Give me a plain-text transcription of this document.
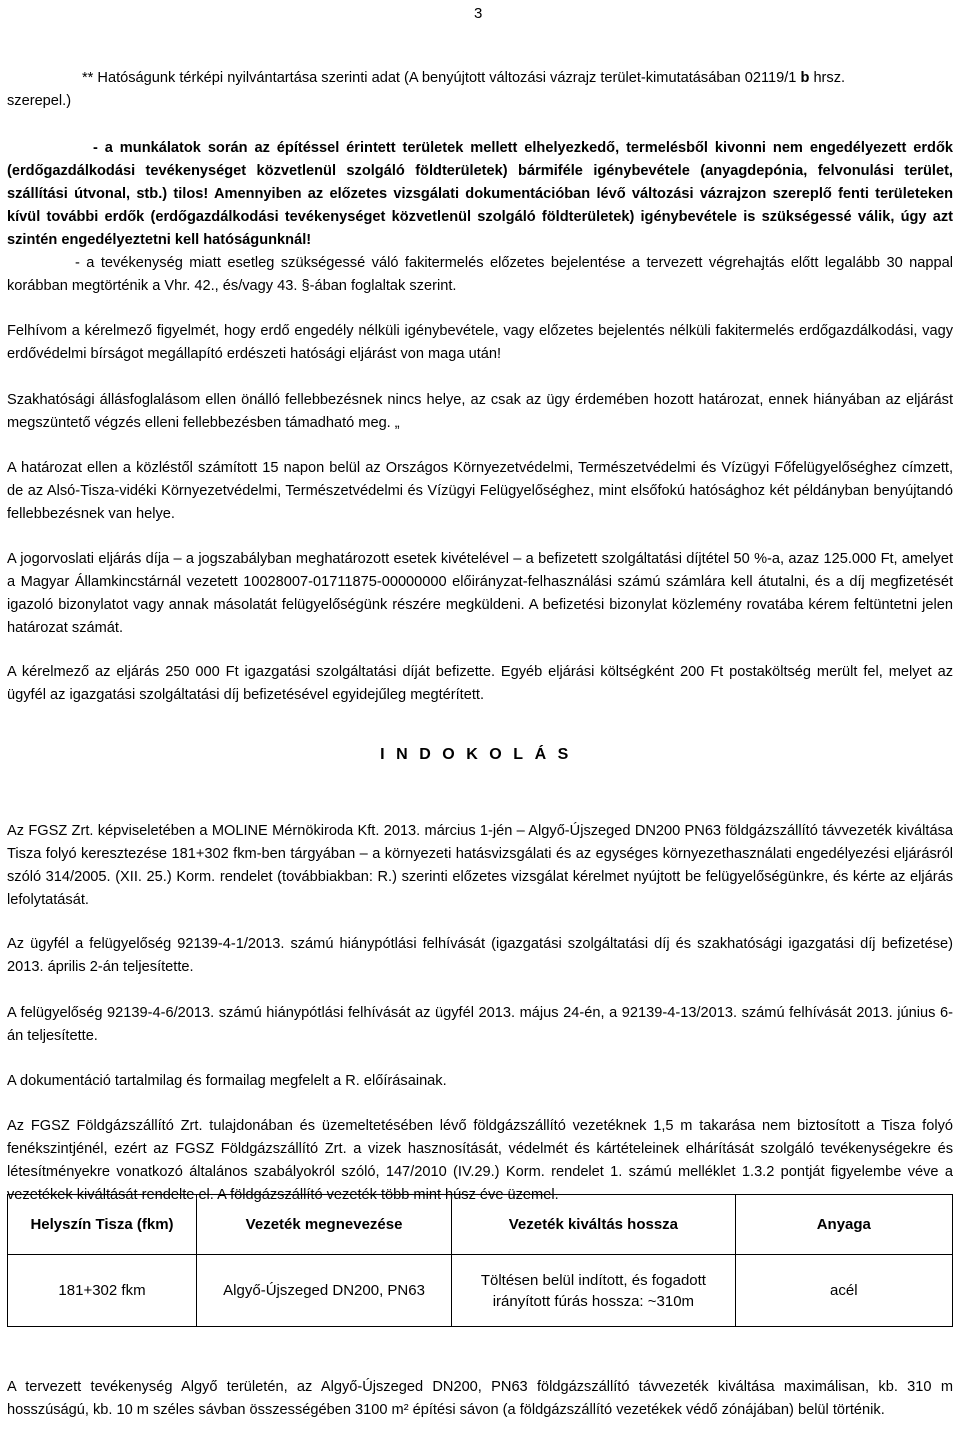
3

** Hatóságunk térképi nyilvántartása szerinti adat (A benyújtott változási vázrajz terület-kimutatásában 02119/1 b hrsz.

szerepel.)

- a munkálatok során az építéssel érintett területek mellett elhelyezkedő, termelésből kivonni nem engedélyezett erdők (erdőgazdálkodási tevékenységet közvetlenül szolgáló földterületek) bármiféle igénybevétele (anyagdepónia, felvonulási terület, szállítási útvonal, stb.) tilos! Amennyiben az előzetes vizsgálati dokumentációban lévő változási vázrajzon szereplő fenti területeken kívül további erdők (erdőgazdálkodási tevékenységet közvetlenül szolgáló földterületek) igénybevétele is szükségessé válik, úgy azt szintén engedélyeztetni kell hatóságunknál!

- a tevékenység miatt esetleg szükségessé váló fakitermelés előzetes bejelentése a tervezett végrehajtás előtt legalább 30 nappal korábban megtörténik a Vhr. 42., és/vagy 43. §-ában foglaltak szerint.

Felhívom a kérelmező figyelmét, hogy erdő engedély nélküli igénybevétele, vagy előzetes bejelentés nélküli fakitermelés erdőgazdálkodási, vagy erdővédelmi bírságot megállapító erdészeti hatósági eljárást von maga után!

Szakhatósági állásfoglalásom ellen önálló fellebbezésnek nincs helye, az csak az ügy érdemében hozott határozat, ennek hiányában az eljárást megszüntető végzés elleni fellebbezésben támadható meg. „

A határozat ellen a közléstől számított 15 napon belül az Országos Környezetvédelmi, Természetvédelmi és Vízügyi Főfelügyelőséghez címzett, de az Alsó-Tisza-vidéki Környezetvédelmi, Természetvédelmi és Vízügyi Felügyelőséghez, mint elsőfokú hatósághoz két példányban benyújtandó fellebbezésnek van helye.

A jogorvoslati eljárás díja – a jogszabályban meghatározott esetek kivételével – a befizetett szolgáltatási díjtétel 50 %-a, azaz 125.000 Ft, amelyet a Magyar Államkincstárnál vezetett 10028007-01711875-00000000 előirányzat-felhasználási számú számlára kell átutalni, és a díj megfizetését igazoló bizonylatot vagy annak másolatát felügyelőségünk részére megküldeni. A befizetési bizonylat közlemény rovatába kérem feltüntetni jelen határozat számát.

A kérelmező az eljárás 250 000 Ft igazgatási szolgáltatási díját befizette. Egyéb eljárási költségként 200 Ft postaköltség merült fel, melyet az ügyfél az igazgatási szolgáltatási díj befizetésével egyidejűleg megtérített.

INDOKOLÁS

Az FGSZ Zrt. képviseletében a MOLINE Mérnökiroda Kft. 2013. március 1-jén – Algyő-Újszeged DN200 PN63 földgázszállító távvezeték kiváltása Tisza folyó keresztezése 181+302 fkm-ben tárgyában – a környezeti hatásvizsgálati és az egységes környezethasználati engedélyezési eljárásról szóló 314/2005. (XII. 25.) Korm. rendelet (továbbiakban: R.) szerinti előzetes vizsgálat kérelmet nyújtott be felügyelőségünkre, és kérte az eljárás lefolytatását.

Az ügyfél a felügyelőség 92139-4-1/2013. számú hiánypótlási felhívását (igazgatási szolgáltatási díj és szakhatósági igazgatási díj befizetése) 2013. április 2-án teljesítette.

A felügyelőség 92139-4-6/2013. számú hiánypótlási felhívását az ügyfél 2013. május 24-én, a 92139-4-13/2013. számú felhívását 2013. június 6-án teljesítette.

A dokumentáció tartalmilag és formailag megfelelt a R. előírásainak.

Az FGSZ Földgázszállító Zrt. tulajdonában és üzemeltetésében lévő földgázszállító vezetéknek 1,5 m takarása nem biztosított a Tisza folyó fenékszintjénél, ezért az FGSZ Földgázszállító Zrt. a vizek hasznosítását, védelmét és kártételeinek elhárítását szolgáló tevékenységekre és létesítményekre vonatkozó általános szabályokról szóló, 147/2010 (IV.29.) Korm. rendelet 1. számú melléklet 1.3.2 pontját figyelembe véve a vezetékek kiváltását rendelte el. A földgázszállító vezeték több mint húsz éve üzemel.

Helyszín Tisza (fkm)	Vezeték megnevezése	Vezeték kiváltás hossza	Anyaga
181+302 fkm	Algyő-Újszeged DN200, PN63	Töltésen belül indított, és fogadott irányított fúrás hossza: ~310m	acél

A tervezett tevékenység Algyő területén, az Algyő-Újszeged DN200, PN63 földgázszállító távvezeték kiváltása maximálisan, kb. 310 m hosszúságú, kb. 10 m széles sávban összességében 3100 m² építési sávon (a földgázszállító vezetékek védő zónájában) belül történik.
